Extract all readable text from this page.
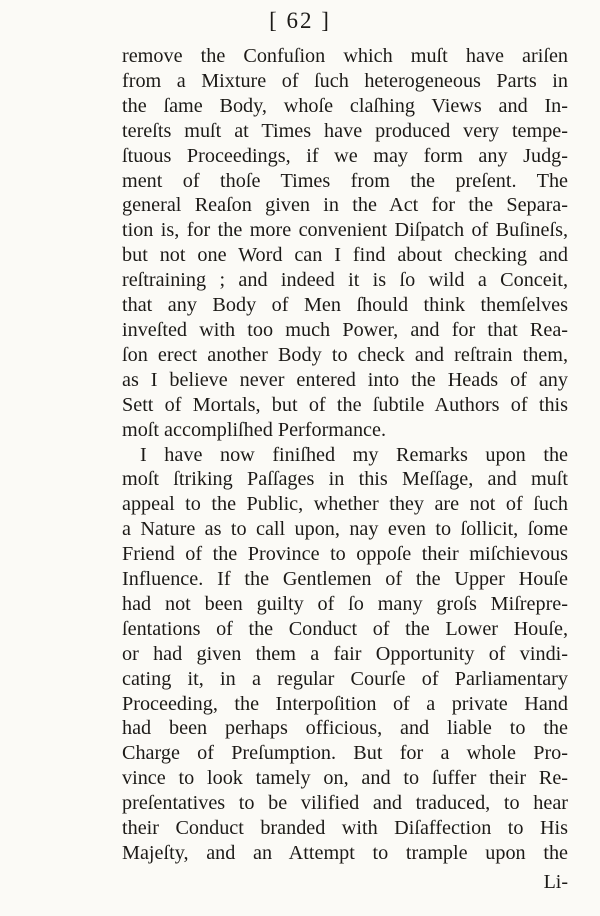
[ 62 ]
remove the Confuſion which muſt have ariſen
from a Mixture of ſuch heterogeneous Parts in
the ſame Body, whoſe claſhing Views and In-
tereſts muſt at Times have produced very tempe-
ſtuous Proceedings, if we may form any Judg-
ment of thoſe Times from the preſent. The
general Reaſon given in the Act for the Separa-
tion is, for the more convenient Diſpatch of Buſineſs,
but not one Word can I find about checking and
reſtraining ; and indeed it is ſo wild a Conceit,
that any Body of Men ſhould think themſelves
inveſted with too much Power, and for that Rea-
ſon erect another Body to check and reſtrain them,
as I believe never entered into the Heads of any
Sett of Mortals, but of the ſubtile Authors of this
moſt accompliſhed Performance.
I have now finiſhed my Remarks upon the
moſt ſtriking Paſſages in this Meſſage, and muſt
appeal to the Public, whether they are not of ſuch
a Nature as to call upon, nay even to ſollicit, ſome
Friend of the Province to oppoſe their miſchievous
Influence. If the Gentlemen of the Upper Houſe
had not been guilty of ſo many groſs Miſrepre-
ſentations of the Conduct of the Lower Houſe,
or had given them a fair Opportunity of vindi-
cating it, in a regular Courſe of Parliamentary
Proceeding, the Interpoſition of a private Hand
had been perhaps officious, and liable to the
Charge of Preſumption. But for a whole Pro-
vince to look tamely on, and to ſuffer their Re-
preſentatives to be vilified and traduced, to hear
their Conduct branded with Diſaffection to His
Majeſty, and an Attempt to trample upon the
Li-
